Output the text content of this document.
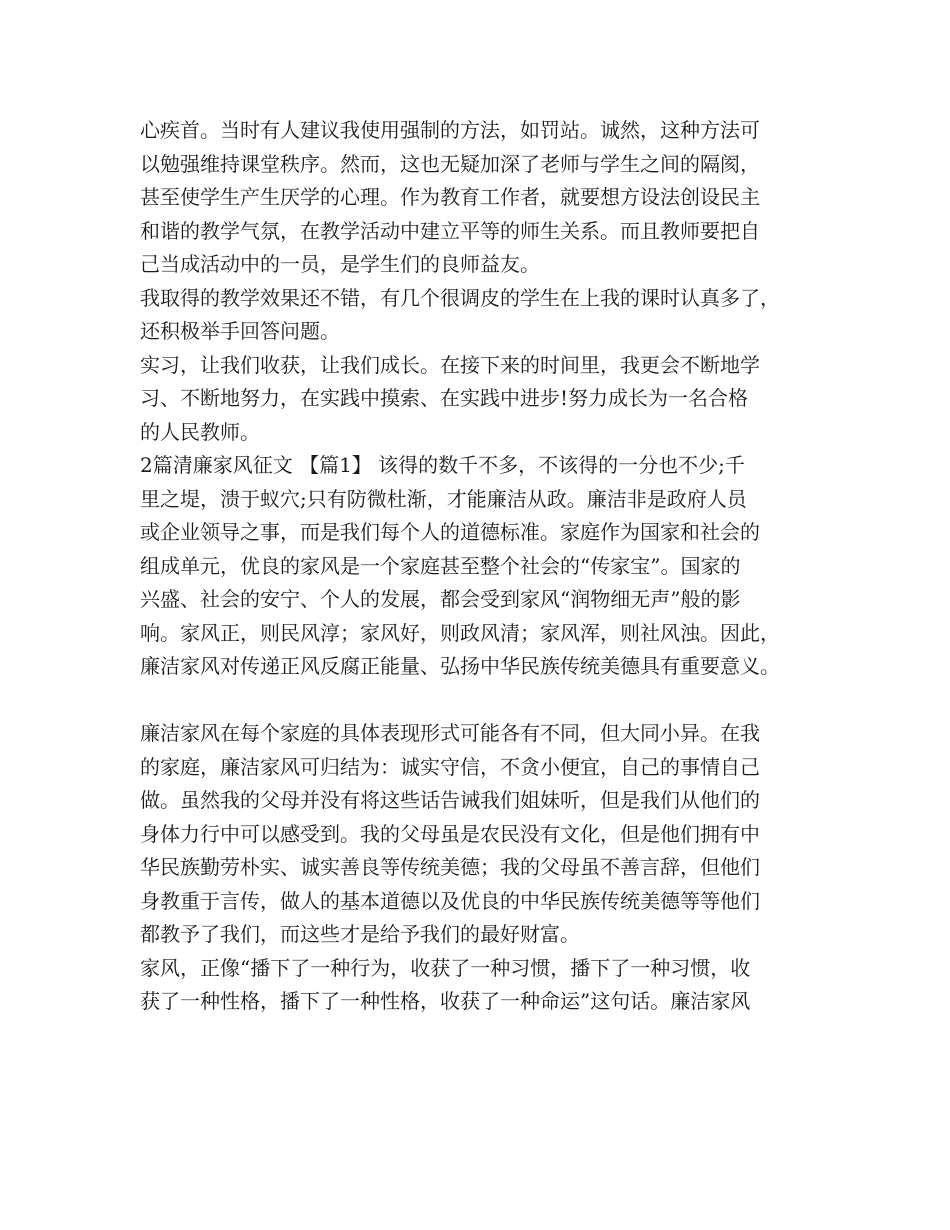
心疾首。当时有人建议我使用强制的方法，如罚站。诚然，这种方法可
以勉强维持课堂秩序。然而，这也无疑加深了老师与学生之间的隔阂，
甚至使学生产生厌学的心理。作为教育工作者，就要想方设法创设民主
和谐的教学气氛，在教学活动中建立平等的师生关系。而且教师要把自
己当成活动中的一员，是学生们的良师益友。
我取得的教学效果还不错，有几个很调皮的学生在上我的课时认真多了，
还积极举手回答问题。
实习，让我们收获，让我们成长。在接下来的时间里，我更会不断地学
习、不断地努力，在实践中摸索、在实践中进步!努力成长为一名合格
的人民教师。
2篇清廉家风征文 【篇1】 该得的数千不多，不该得的一分也不少;千
里之堤，溃于蚁穴;只有防微杜渐，才能廉洁从政。廉洁非是政府人员
或企业领导之事，而是我们每个人的道德标准。家庭作为国家和社会的
组成单元，优良的家风是一个家庭甚至整个社会的“传家宝”。国家的
兴盛、社会的安宁、个人的发展，都会受到家风“润物细无声”般的影
响。家风正，则民风淳；家风好，则政风清；家风浑，则社风浊。因此，
廉洁家风对传递正风反腐正能量、弘扬中华民族传统美德具有重要意义。
廉洁家风在每个家庭的具体表现形式可能各有不同，但大同小异。在我
的家庭，廉洁家风可归结为：诚实守信，不贪小便宜，自己的事情自己
做。虽然我的父母并没有将这些话告诫我们姐妹听，但是我们从他们的
身体力行中可以感受到。我的父母虽是农民没有文化，但是他们拥有中
华民族勤劳朴实、诚实善良等传统美德；我的父母虽不善言辞，但他们
身教重于言传，做人的基本道德以及优良的中华民族传统美德等等他们
都教予了我们，而这些才是给予我们的最好财富。
家风，正像“播下了一种行为，收获了一种习惯，播下了一种习惯，收
获了一种性格，播下了一种性格，收获了一种命运”这句话。廉洁家风
